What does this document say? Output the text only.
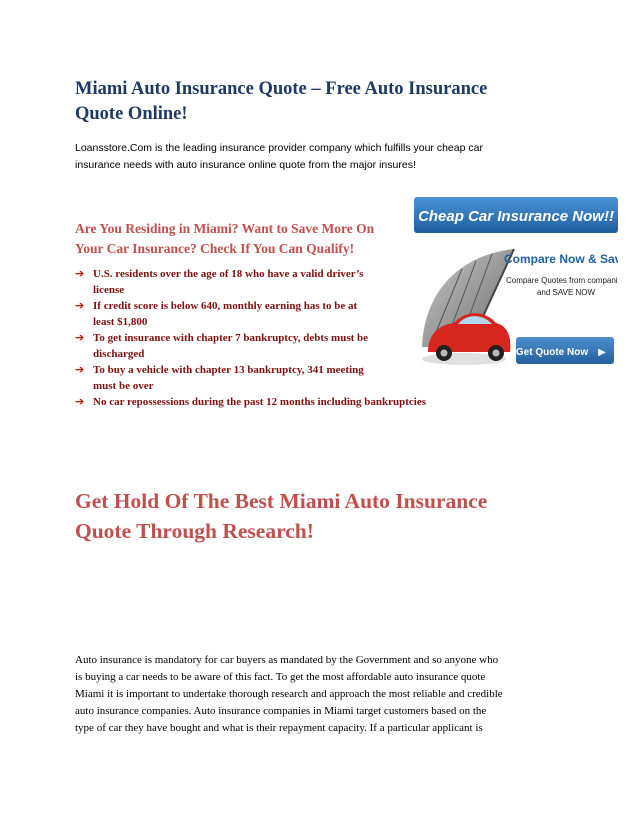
Miami Auto Insurance Quote – Free Auto Insurance
Quote Online!

Loansstore.Com is the leading insurance provider company which fulfills your cheap car
insurance needs with auto insurance online quote from the major insures!

Are You Residing in Miami? Want to Save More On
Your Car Insurance? Check If You Can Qualify!
➔ U.S. residents over the age of 18 who have a valid driver’s
license
➔ If credit score is below 640, monthly earning has to be at
least $1,800
➔ To get insurance with chapter 7 bankruptcy, debts must be
discharged
➔ To buy a vehicle with chapter 13 bankruptcy, 341 meeting
must be over
➔ No car repossessions during the past 12 months including bankruptcies
Cheap Car Insurance Now!!
Compare Now & Save
Compare Quotes from companies
and SAVE NOW
Get Quote Now ▶
Get Hold Of The Best Miami Auto Insurance
Quote Through Research!

Auto insurance is mandatory for car buyers as mandated by the Government and so anyone who
is buying a car needs to be aware of this fact. To get the most affordable auto insurance quote
Miami it is important to undertake thorough research and approach the most reliable and credible
auto insurance companies. Auto insurance companies in Miami target customers based on the
type of car they have bought and what is their repayment capacity. If a particular applicant is
